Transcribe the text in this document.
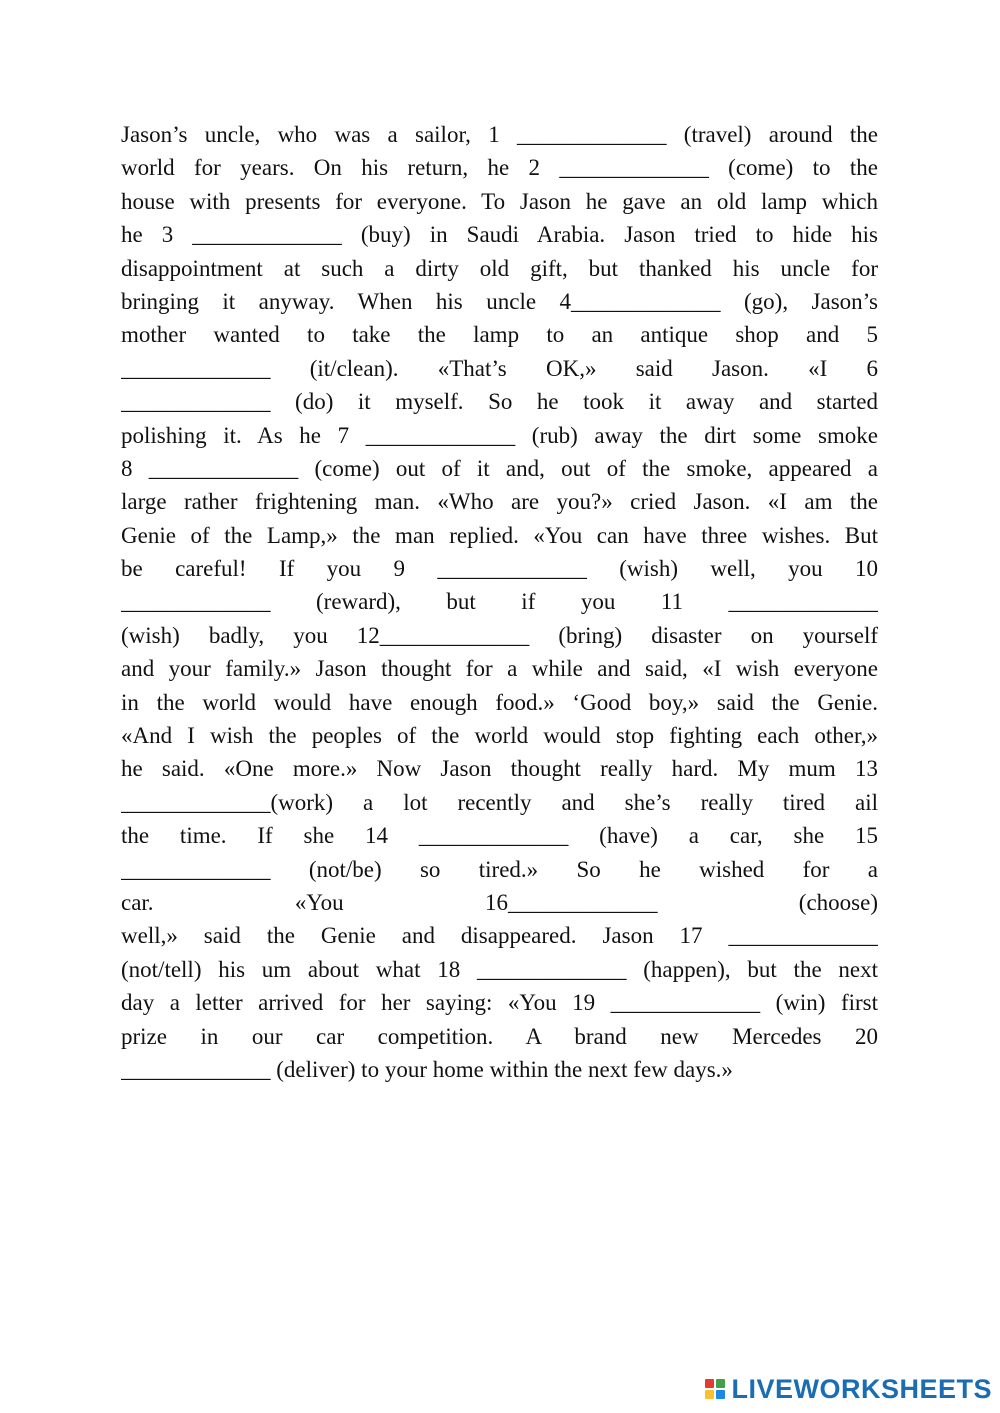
Jason’s uncle, who was a sailor, 1 _____________ (travel) around the
world for years. On his return, he 2 _____________ (come) to the
house with presents for everyone. To Jason he gave an old lamp which
he 3 _____________ (buy) in Saudi Arabia. Jason tried to hide his
disappointment at such a dirty old gift, but thanked his uncle for
bringing it anyway. When his uncle 4_____________ (go), Jason’s
mother wanted to take the lamp to an antique shop and 5
_____________ (it/clean). «That’s OK,» said Jason. «I 6
_____________ (do) it myself. So he took it away and started
polishing it. As he 7 _____________ (rub) away the dirt some smoke
8 _____________ (come) out of it and, out of the smoke, appeared a
large rather frightening man. «Who are you?» cried Jason. «I am the
Genie of the Lamp,» the man replied. «You can have three wishes. But
be careful! If you 9 _____________ (wish) well, you 10
_____________ (reward), but if you 11 _____________
(wish) badly, you 12_____________ (bring) disaster on yourself
and your family.» Jason thought for a while and said, «I wish everyone
in the world would have enough food.» ‘Good boy,» said the Genie.
«And I wish the peoples of the world would stop fighting each other,»
he said. «One more.» Now Jason thought really hard. My mum 13
_____________(work) a lot recently and she’s really tired ail
the time. If she 14 _____________ (have) a car, she 15
_____________ (not/be) so tired.» So he wished for a
car. «You 16_____________ (choose)
well,» said the Genie and disappeared. Jason 17 _____________
(not/tell) his um about what 18 _____________ (happen), but the next
day a letter arrived for her saying: «You 19 _____________ (win) first
prize in our car competition. A brand new Mercedes 20
_____________ (deliver) to your home within the next few days.»
LIVEWORKSHEETS
